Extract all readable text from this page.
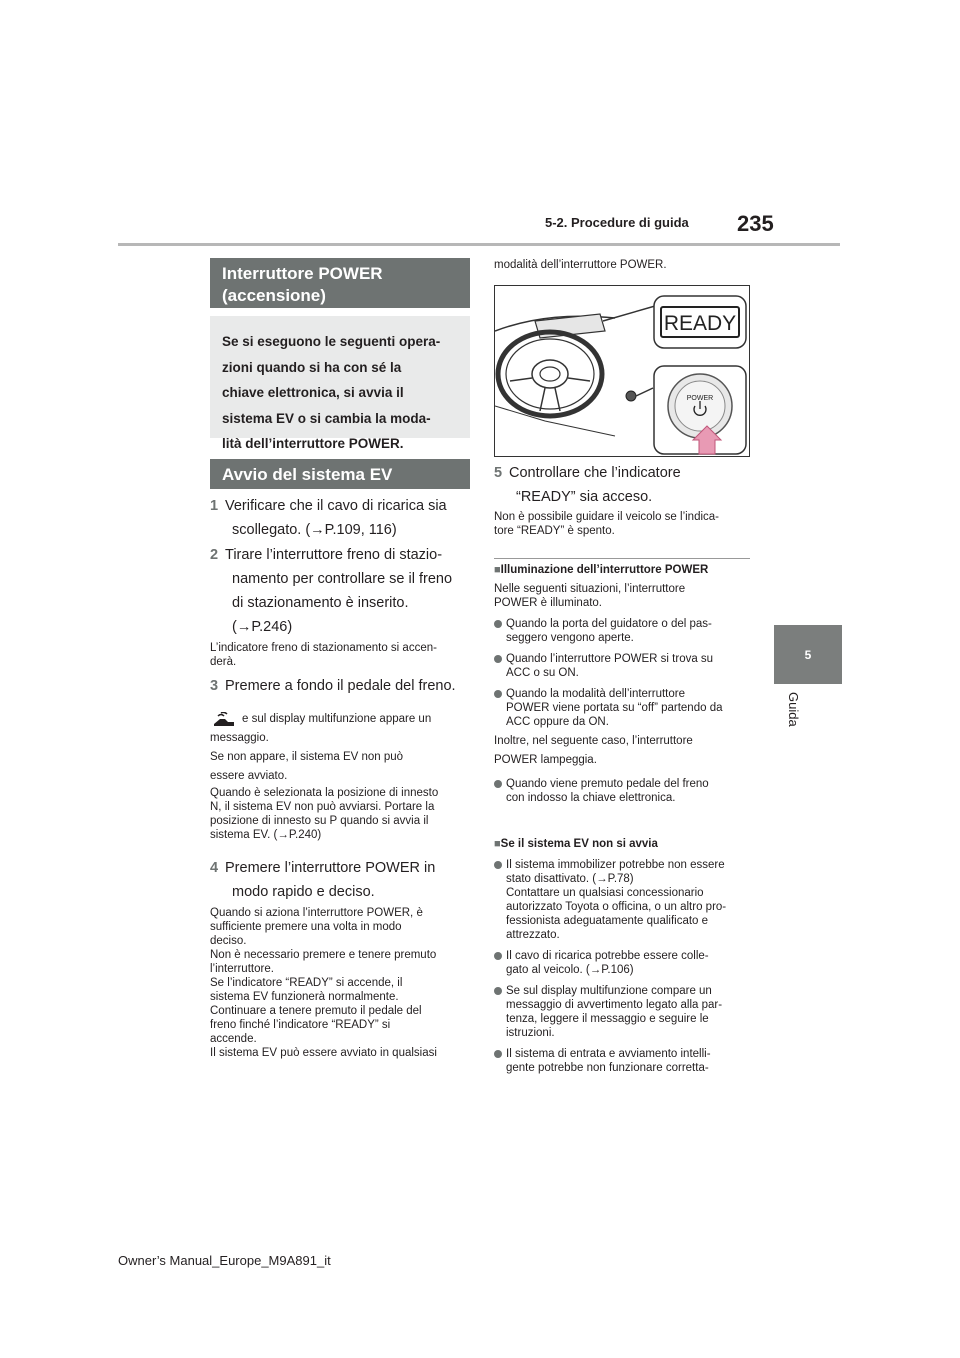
5-2. Procedure di guida 235
5
Guida
Interruttore POWER
(accensione)
Se si eseguono le seguenti opera-
zioni quando si ha con sé la
chiave elettronica, si avvia il
sistema EV o si cambia la moda-
lità dell’interruttore POWER.
Avvio del sistema EV
1 Verificare che il cavo di ricarica sia
scollegato. (→P.109, 116)
2 Tirare l’interruttore freno di stazio-
namento per controllare se il freno
di stazionamento è inserito.
(→P.246)
L’indicatore freno di stazionamento si accen-
derà.
3 Premere a fondo il pedale del freno.
e sul display multifunzione appare un
messaggio.
Se non appare, il sistema EV non può
essere avviato.
Quando è selezionata la posizione di innesto
N, il sistema EV non può avviarsi. Portare la
posizione di innesto su P quando si avvia il
sistema EV. (→P.240)
4 Premere l’interruttore POWER in
modo rapido e deciso.
Quando si aziona l’interruttore POWER, è
sufficiente premere una volta in modo
deciso.
Non è necessario premere e tenere premuto
l’interruttore.
Se l’indicatore “READY” si accende, il
sistema EV funzionerà normalmente.
Continuare a tenere premuto il pedale del
freno finché l’indicatore “READY” si
accende.
Il sistema EV può essere avviato in qualsiasi
modalità dell’interruttore POWER.
READY
POWER
5 Controllare che l’indicatore
“READY” sia acceso.
Non è possibile guidare il veicolo se l’indica-
tore “READY” è spento.
■Illuminazione dell’interruttore POWER
Nelle seguenti situazioni, l’interruttore
POWER è illuminato.
Quando la porta del guidatore o del pas-
seggero vengono aperte.
Quando l’interruttore POWER si trova su
ACC o su ON.
Quando la modalità dell’interruttore
POWER viene portata su “off” partendo da
ACC oppure da ON.
Inoltre, nel seguente caso, l’interruttore
POWER lampeggia.
Quando viene premuto pedale del freno
con indosso la chiave elettronica.
■Se il sistema EV non si avvia
Il sistema immobilizer potrebbe non essere
stato disattivato. (→P.78)
Contattare un qualsiasi concessionario
autorizzato Toyota o officina, o un altro pro-
fessionista adeguatamente qualificato e
attrezzato.
Il cavo di ricarica potrebbe essere colle-
gato al veicolo. (→P.106)
Se sul display multifunzione compare un
messaggio di avvertimento legato alla par-
tenza, leggere il messaggio e seguire le
istruzioni.
Il sistema di entrata e avviamento intelli-
gente potrebbe non funzionare corretta-
Owner’s Manual_Europe_M9A891_it
